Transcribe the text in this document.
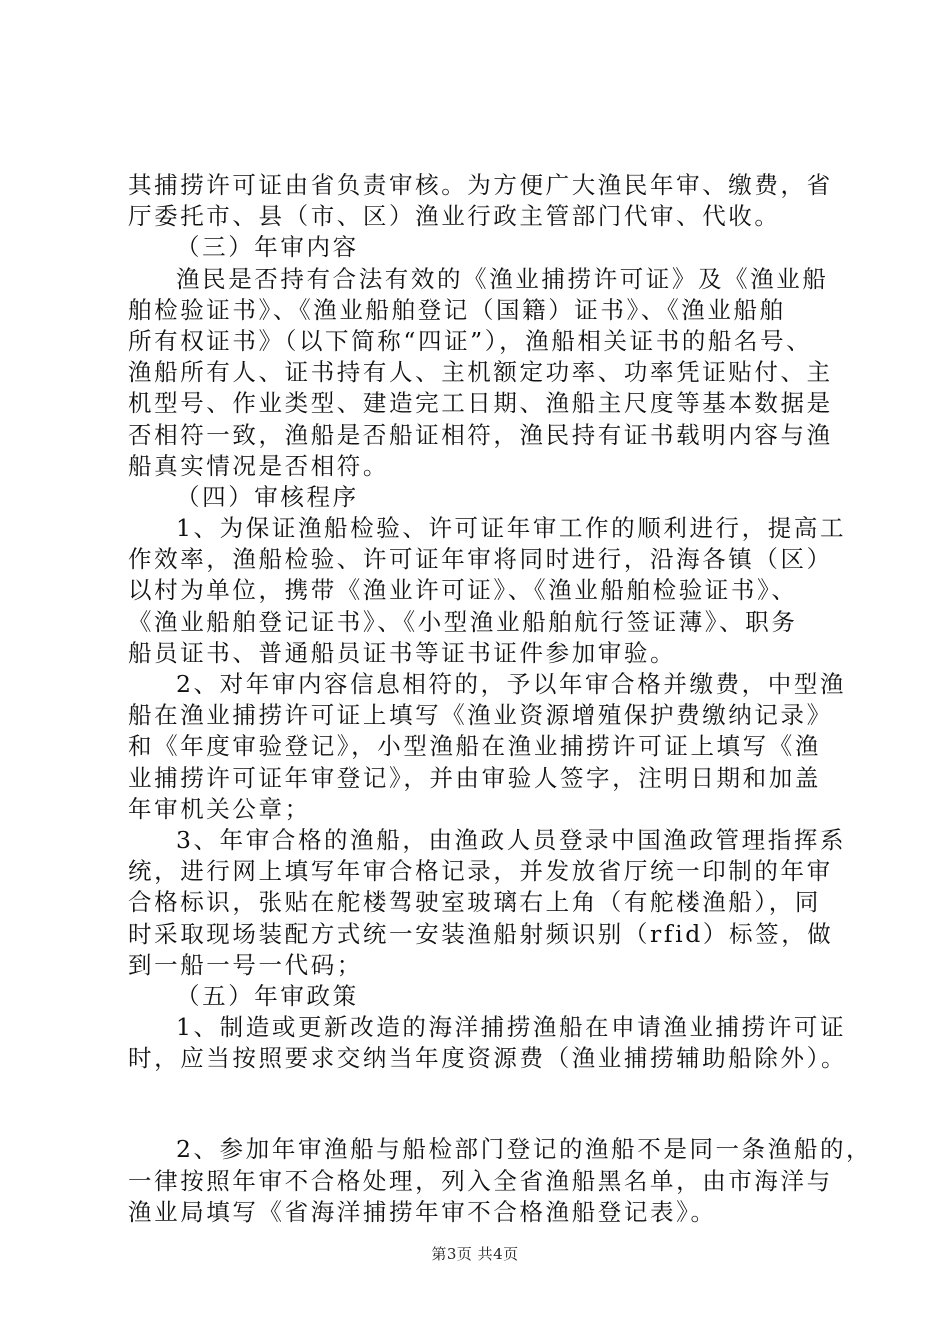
其捕捞许可证由省负责审核。为方便广大渔民年审、缴费，省
厅委托市、县（市、区）渔业行政主管部门代审、代收。
（三）年审内容
渔民是否持有合法有效的《渔业捕捞许可证》及《渔业船
舶检验证书》、《渔业船舶登记（国籍）证书》、《渔业船舶
所有权证书》（以下简称“四证”），渔船相关证书的船名号、
渔船所有人、证书持有人、主机额定功率、功率凭证贴付、主
机型号、作业类型、建造完工日期、渔船主尺度等基本数据是
否相符一致，渔船是否船证相符，渔民持有证书载明内容与渔
船真实情况是否相符。
（四）审核程序
1、为保证渔船检验、许可证年审工作的顺利进行，提高工
作效率，渔船检验、许可证年审将同时进行，沿海各镇（区）
以村为单位，携带《渔业许可证》、《渔业船舶检验证书》、
《渔业船舶登记证书》、《小型渔业船舶航行签证薄》、职务
船员证书、普通船员证书等证书证件参加审验。
2、对年审内容信息相符的，予以年审合格并缴费，中型渔
船在渔业捕捞许可证上填写《渔业资源增殖保护费缴纳记录》
和《年度审验登记》，小型渔船在渔业捕捞许可证上填写《渔
业捕捞许可证年审登记》，并由审验人签字，注明日期和加盖
年审机关公章；
3、年审合格的渔船，由渔政人员登录中国渔政管理指挥系
统，进行网上填写年审合格记录，并发放省厅统一印制的年审
合格标识，张贴在舵楼驾驶室玻璃右上角（有舵楼渔船），同
时采取现场装配方式统一安装渔船射频识别（rfid）标签，做
到一船一号一代码；
（五）年审政策
1、制造或更新改造的海洋捕捞渔船在申请渔业捕捞许可证
时，应当按照要求交纳当年度资源费（渔业捕捞辅助船除外）。
2、参加年审渔船与船检部门登记的渔船不是同一条渔船的，
一律按照年审不合格处理，列入全省渔船黑名单，由市海洋与
渔业局填写《省海洋捕捞年审不合格渔船登记表》。
第3页 共4页
